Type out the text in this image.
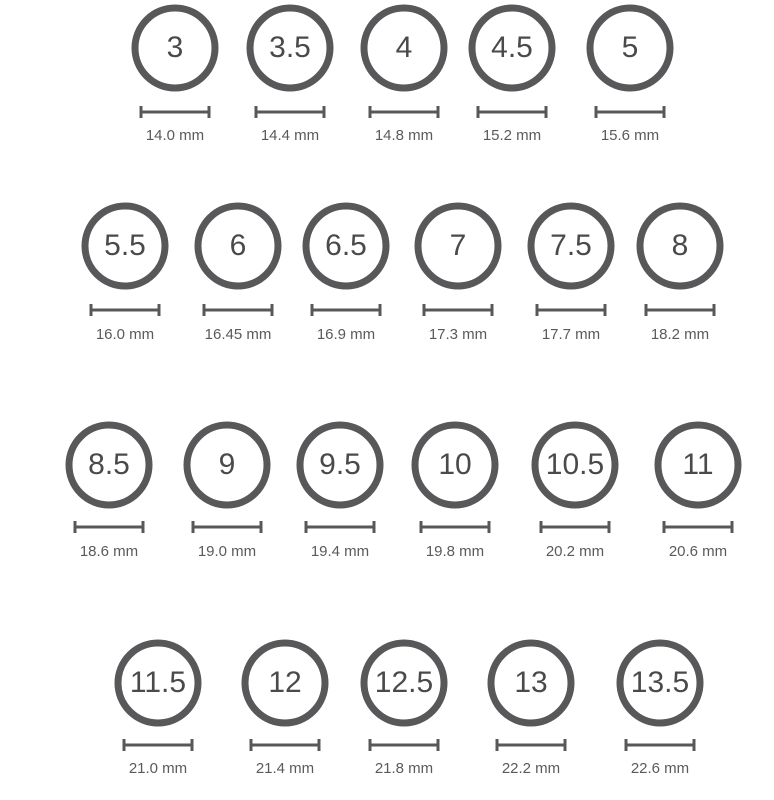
3
14.0 mm
3.5
14.4 mm
4
14.8 mm
4.5
15.2 mm
5
15.6 mm
5.5
16.0 mm
6
16.45 mm
6.5
16.9 mm
7
17.3 mm
7.5
17.7 mm
8
18.2 mm
8.5
18.6 mm
9
19.0 mm
9.5
19.4 mm
10
19.8 mm
10.5
20.2 mm
11
20.6 mm
11.5
21.0 mm
12
21.4 mm
12.5
21.8 mm
13
22.2 mm
13.5
22.6 mm
